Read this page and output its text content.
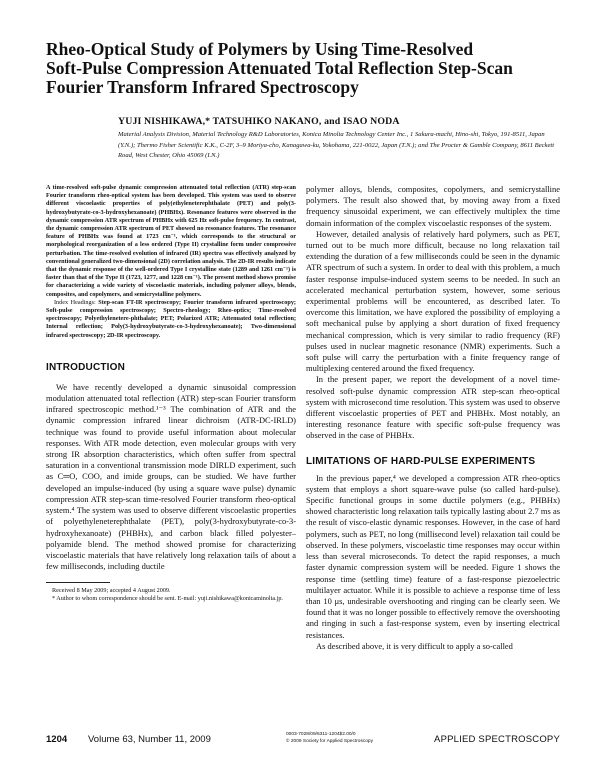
Rheo-Optical Study of Polymers by Using Time-Resolved
Soft-Pulse Compression Attenuated Total Reflection Step-Scan
Fourier Transform Infrared Spectroscopy
YUJI NISHIKAWA,* TATSUHIKO NAKANO, and ISAO NODA
Material Analysis Division, Material Technology R&D Laboratories, Konica Minolta Technology Center Inc., 1 Sakura-machi, Hino-shi, Tokyo, 191-8511, Japan (Y.N.); Thermo Fisher Scientific K.K., C-2F, 3–9 Moriya-cho, Kanagawa-ku, Yokohama, 221-0022, Japan (T.N.); and The Procter & Gamble Company, 8611 Beckett Road, West Chester, Ohio 45069 (I.N.)

A time-resolved soft-pulse dynamic compression attenuated total reflection (ATR) step-scan Fourier transform rheo-optical system has been developed. This system was used to observe different viscoelastic properties of poly(ethyleneterephthalate (PET) and poly(3-hydroxybutyrate-co-3-hydroxyhexanoate) (PHBHx). Resonance features were observed in the dynamic compression ATR spectrum of PHBHx with 625 Hz soft-pulse frequency. In contrast, the dynamic compression ATR spectrum of PET showed no resonance features. The resonance feature of PHBHx was found at 1723 cm⁻¹, which corresponds to the structural or morphological reorganization of a less ordered (Type II) crystalline form under compressive perturbation. The time-resolved evolution of infrared (IR) spectra was effectively analyzed by conventional generalized two-dimensional (2D) correlation analysis. The 2D-IR results indicate that the dynamic response of the well-ordered Type I crystalline state (1289 and 1261 cm⁻¹) is faster than that of the Type II (1723, 1277, and 1228 cm⁻¹). The present method shows promise for characterizing a wide variety of viscoelastic materials, including polymer alloys, blends, composites, and copolymers, and semicrystalline polymers.

Index Headings: Step-scan FT-IR spectroscopy; Fourier transform infrared spectroscopy; Soft-pulse compression spectroscopy; Spectro-rheology; Rheo-optics; Time-resolved spectroscopy; Polyethylenetere-phthalate; PET; Polarized ATR; Attenuated total reflection; Internal reflection; Poly(3-hydroxybutyrate-co-3-hydroxyhexanoate); Two-dimensional infrared spectroscopy; 2D-IR spectroscopy.

INTRODUCTION

We have recently developed a dynamic sinusoidal compression modulation attenuated total reflection (ATR) step-scan Fourier transform infrared spectroscopic method.¹⁻³ The combination of ATR and the dynamic compression infrared linear dichroism (ATR-DC-IRLD) technique was found to provide useful information about molecular responses. With ATR mode detection, even molecular groups with very strong IR absorption characteristics, which often suffer from spectral saturation in a conventional transmission mode DIRLD experiment, such as C═O, COO, and imide groups, can be studied. We have further developed an impulse-induced (by using a square wave pulse) dynamic compression ATR step-scan time-resolved Fourier transform rheo-optical system.⁴ The system was used to observe different viscoelastic properties of polyethyleneterephthalate (PET), poly(3-hydroxybutyrate-co-3-hydroxyhexanoate) (PHBHx), and carbon black filled polyester–polyamide blend. The method showed promise for characterizing viscoelastic materials that have relatively long relaxation tails of about a few milliseconds, including ductile

Received 8 May 2009; accepted 4 August 2009.

* Author to whom correspondence should be sent. E-mail: yuji.nishikawa@konicaminolta.jp.

polymer alloys, blends, composites, copolymers, and semicrystalline polymers. The result also showed that, by moving away from a fixed frequency sinusoidal experiment, we can effectively multiplex the time domain information of the complex viscoelastic responses of the system.

However, detailed analysis of relatively hard polymers, such as PET, turned out to be much more difficult, because no long relaxation tail extending the duration of a few milliseconds could be seen in the dynamic ATR spectrum of such a system. In order to deal with this problem, a much faster response impulse-induced system seems to be needed. In such an accelerated mechanical perturbation system, however, some serious experimental problems will be encountered, as described later. To overcome this limitation, we have explored the possibility of employing a soft mechanical pulse by applying a short duration of fixed frequency mechanical compression, which is very similar to radio frequency (RF) pulses used in nuclear magnetic resonance (NMR) experiments. Such a soft pulse will carry the perturbation with a finite frequency range of multiplexing centered around the fixed frequency.

In the present paper, we report the development of a novel time-resolved soft-pulse dynamic compression ATR step-scan rheo-optical system with microsecond time resolution. This system was used to observe different viscoelastic properties of PET and PHBHx. Most notably, an interesting resonance feature with specific soft-pulse frequency was observed in the case of PHBHx.

LIMITATIONS OF HARD-PULSE EXPERIMENTS

In the previous paper,⁴ we developed a compression ATR rheo-optics system that employs a short square-wave pulse (so called hard-pulse). Specific functional groups in some ductile polymers (e.g., PHBHx) showed characteristic long relaxation tails typically lasting about 2.7 ms as the result of visco-elastic dynamic responses. However, in the case of hard polymers, such as PET, no long (millisecond level) relaxation tail could be observed. In these polymers, viscoelastic time responses may occur within less than several microseconds. To detect the rapid responses, a much faster dynamic compression system will be needed. Figure 1 shows the response time (settling time) feature of a fast-response piezoelectric multilayer actuator. While it is possible to achieve a response time of less than 10 μs, undesirable overshooting and ringing can be clearly seen. We found that it was no longer possible to effectively remove the overshooting and ringing in such a fast-response system, even by inserting electrical resistances.

As described above, it is very difficult to apply a so-called

1204 Volume 63, Number 11, 2009	0003-7028/09/6311-1204$2.00/0
© 2009 Society for Applied Spectroscopy	APPLIED SPECTROSCOPY
